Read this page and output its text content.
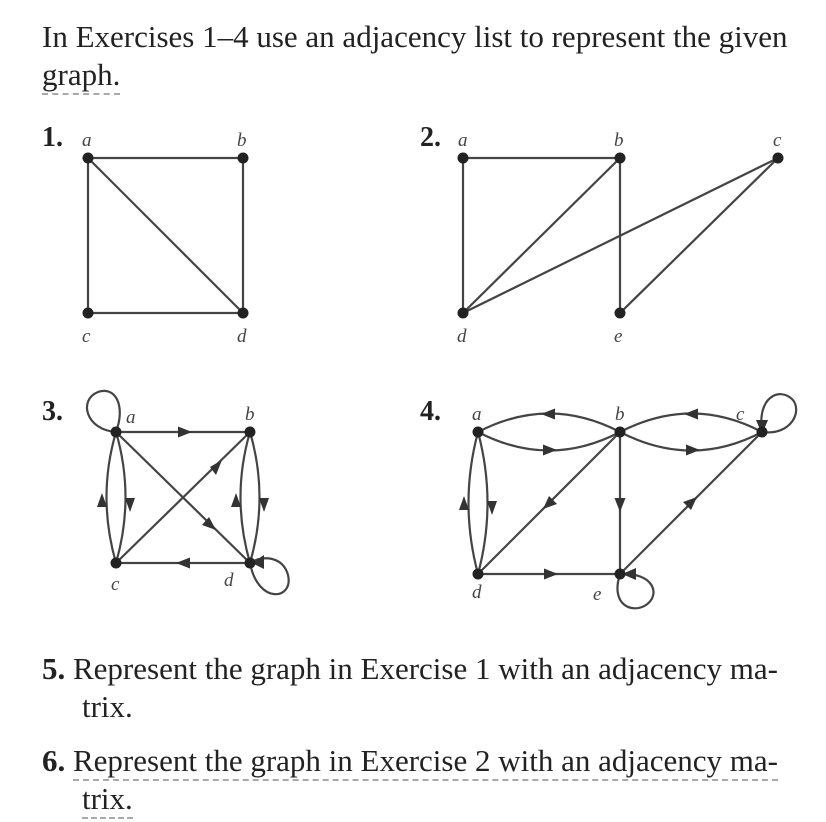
In Exercises 1–4 use an adjacency list to represent the given
graph.
1.	2.
3.	4.
a	b
c	d
a	b	c
d	e
a	b
c	d
a	b	c
d	e
5. Represent the graph in Exercise 1 with an adjacency ma-
trix.
6. Represent the graph in Exercise 2 with an adjacency ma-
trix.
